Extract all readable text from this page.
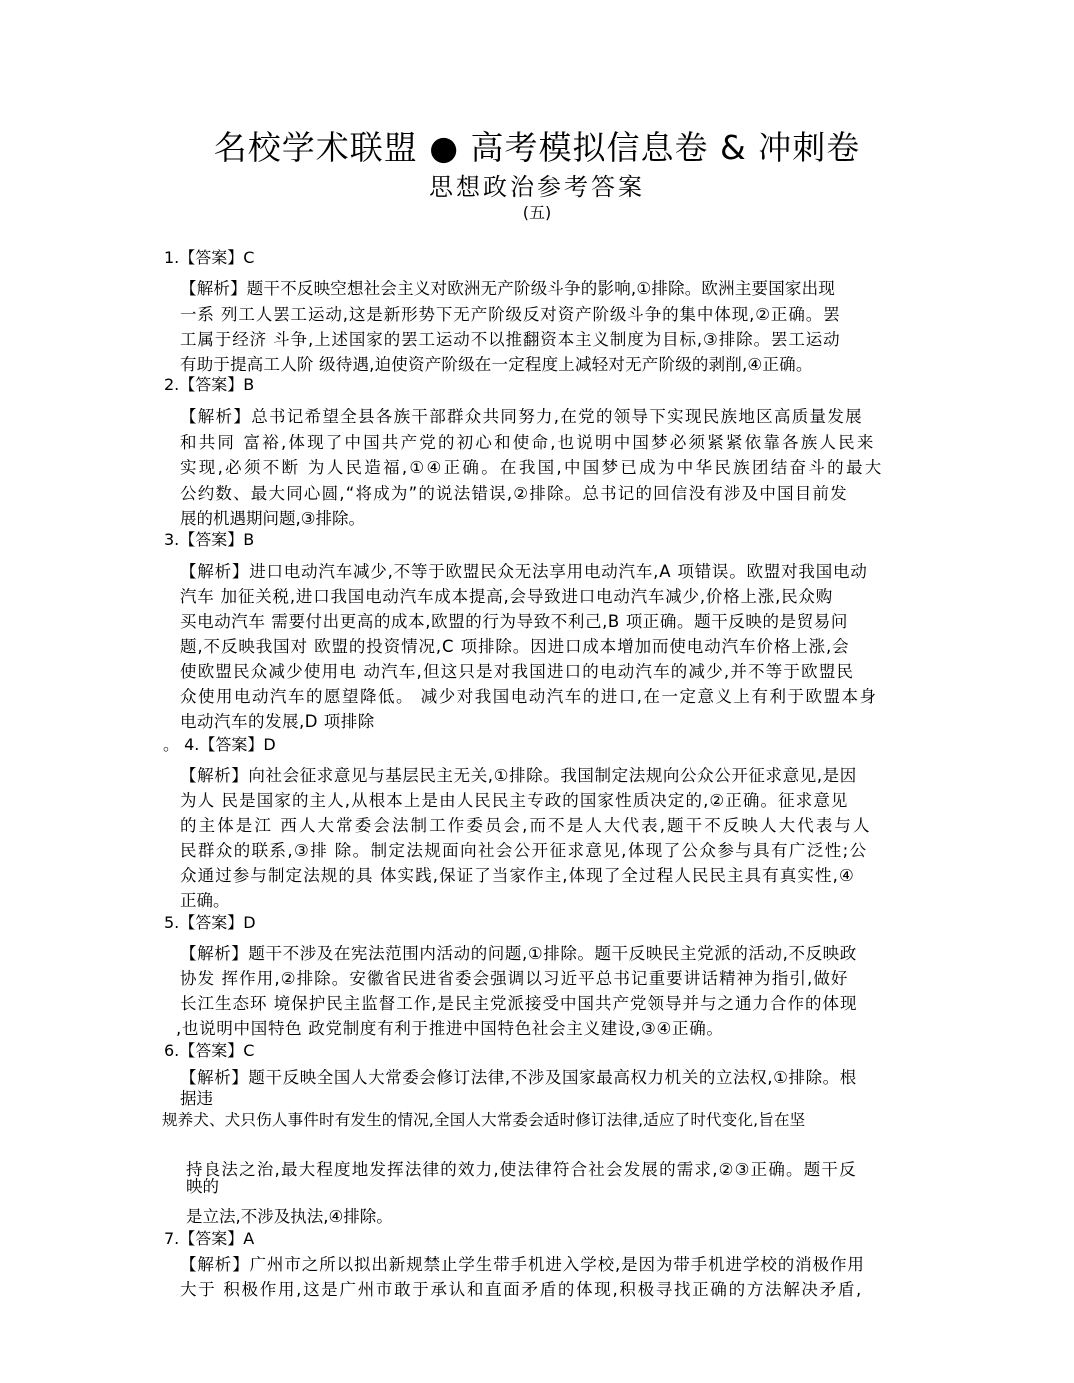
名校学术联盟 ● 高考模拟信息卷 & 冲刺卷
思想政治参考答案
(五)
1.【答案】C
【解析】题干不反映空想社会主义对欧洲无产阶级斗争的影响,①排除。欧洲主要国家出现
一系 列工人罢工运动,这是新形势下无产阶级反对资产阶级斗争的集中体现,②正确。罢
工属于经济 斗争,上述国家的罢工运动不以推翻资本主义制度为目标,③排除。罢工运动
有助于提高工人阶 级待遇,迫使资产阶级在一定程度上减轻对无产阶级的剥削,④正确。
2.【答案】B
【解析】总书记希望全县各族干部群众共同努力,在党的领导下实现民族地区高质量发展
和共同 富裕,体现了中国共产党的初心和使命,也说明中国梦必须紧紧依靠各族人民来
实现,必须不断 为人民造福,①④正确。在我国,中国梦已成为中华民族团结奋斗的最大
公约数、最大同心圆,“将成为”的说法错误,②排除。总书记的回信没有涉及中国目前发
展的机遇期问题,③排除。
3.【答案】B
【解析】进口电动汽车减少,不等于欧盟民众无法享用电动汽车,A 项错误。欧盟对我国电动
汽车 加征关税,进口我国电动汽车成本提高,会导致进口电动汽车减少,价格上涨,民众购
买电动汽车 需要付出更高的成本,欧盟的行为导致不利己,B 项正确。题干反映的是贸易问
题,不反映我国对 欧盟的投资情况,C 项排除。因进口成本增加而使电动汽车价格上涨,会
使欧盟民众减少使用电 动汽车,但这只是对我国进口的电动汽车的减少,并不等于欧盟民
众使用电动汽车的愿望降低。 减少对我国电动汽车的进口,在一定意义上有利于欧盟本身
电动汽车的发展,D 项排除
。 4.【答案】D
【解析】向社会征求意见与基层民主无关,①排除。我国制定法规向公众公开征求意见,是因
为人 民是国家的主人,从根本上是由人民民主专政的国家性质决定的,②正确。征求意见
的主体是江 西人大常委会法制工作委员会,而不是人大代表,题干不反映人大代表与人
民群众的联系,③排 除。制定法规面向社会公开征求意见,体现了公众参与具有广泛性;公
众通过参与制定法规的具 体实践,保证了当家作主,体现了全过程人民民主具有真实性,④
正确。
5.【答案】D
【解析】题干不涉及在宪法范围内活动的问题,①排除。题干反映民主党派的活动,不反映政
协发 挥作用,②排除。安徽省民进省委会强调以习近平总书记重要讲话精神为指引,做好
长江生态环 境保护民主监督工作,是民主党派接受中国共产党领导并与之通力合作的体现
,也说明中国特色 政党制度有利于推进中国特色社会主义建设,③④正确。
6.【答案】C
【解析】题干反映全国人大常委会修订法律,不涉及国家最高权力机关的立法权,①排除。根
据违
规养犬、犬只伤人事件时有发生的情况,全国人大常委会适时修订法律,适应了时代变化,旨在坚
持良法之治,最大程度地发挥法律的效力,使法律符合社会发展的需求,②③正确。题干反
映的
是立法,不涉及执法,④排除。
7.【答案】A
【解析】广州市之所以拟出新规禁止学生带手机进入学校,是因为带手机进学校的消极作用
大于 积极作用,这是广州市敢于承认和直面矛盾的体现,积极寻找正确的方法解决矛盾,
